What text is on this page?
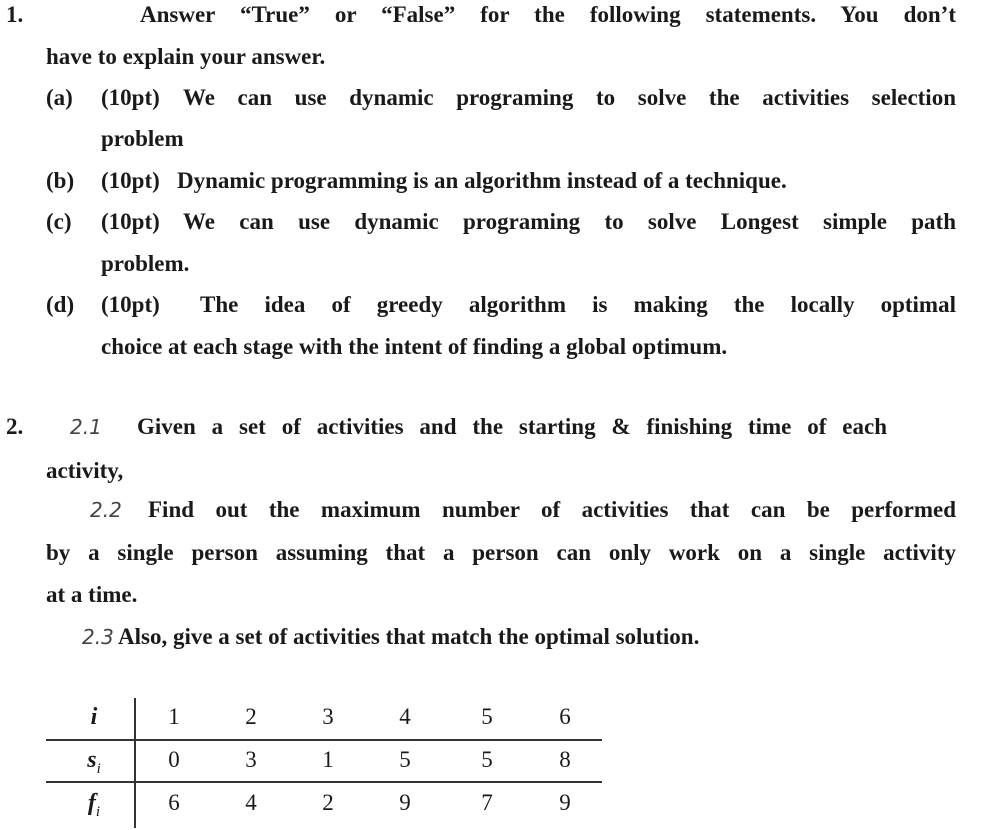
1.	Answer “True” or “False” for the following statements. You don’t
have to explain your answer.
(a) (10pt) We can use dynamic programing to solve the activities selection
problem
(b) (10pt) Dynamic programming is an algorithm instead of a technique.
(c) (10pt) We can use dynamic programing to solve Longest simple path
problem.
(d) (10pt) The idea of greedy algorithm is making the locally optimal
choice at each stage with the intent of finding a global optimum.
2. 2.1 Given a set of activities and the starting & finishing time of each
activity,
2.2 Find out the maximum number of activities that can be performed
by a single person assuming that a person can only work on a single activity
at a time.
2.3 Also, give a set of activities that match the optimal solution.
i	1	2	3	4	5	6
$s_i$	0	3	1	5	5	8
$f_i$	6	4	2	9	7	9
